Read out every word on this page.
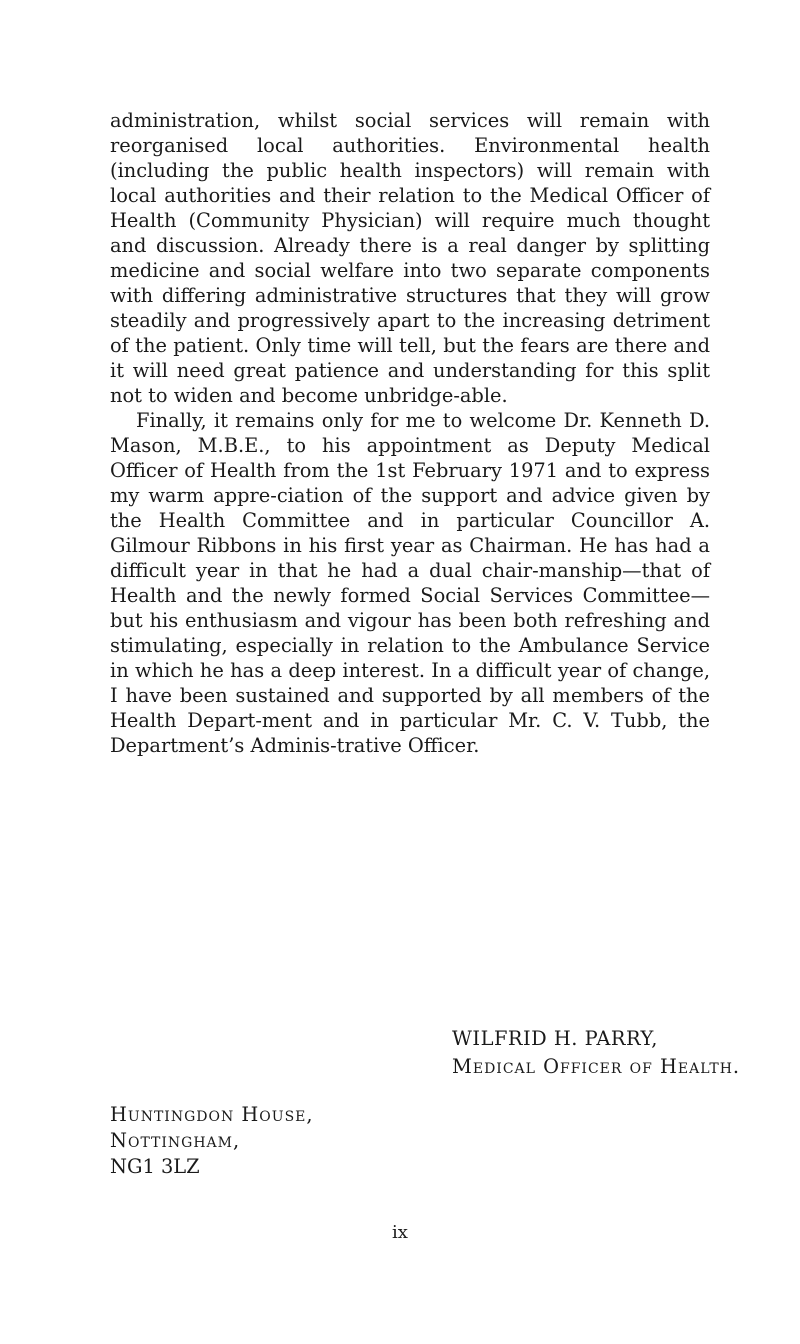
administration, whilst social services will remain with reorganised local authorities. Environmental health (including the public health inspectors) will remain with local authorities and their relation to the Medical Officer of Health (Community Physician) will require much thought and discussion. Already there is a real danger by splitting medicine and social welfare into two separate components with differing administrative structures that they will grow steadily and progressively apart to the increasing detriment of the patient. Only time will tell, but the fears are there and it will need great patience and understanding for this split not to widen and become unbridge-able.

Finally, it remains only for me to welcome Dr. Kenneth D. Mason, M.B.E., to his appointment as Deputy Medical Officer of Health from the 1st February 1971 and to express my warm appre-ciation of the support and advice given by the Health Committee and in particular Councillor A. Gilmour Ribbons in his first year as Chairman. He has had a difficult year in that he had a dual chair-manship—that of Health and the newly formed Social Services Committee—but his enthusiasm and vigour has been both refreshing and stimulating, especially in relation to the Ambulance Service in which he has a deep interest. In a difficult year of change, I have been sustained and supported by all members of the Health Depart-ment and in particular Mr. C. V. Tubb, the Department’s Adminis-trative Officer.

WILFRID H. PARRY,
Medical Officer of Health.
Huntingdon House,
Nottingham,
NG1 3LZ
ix
